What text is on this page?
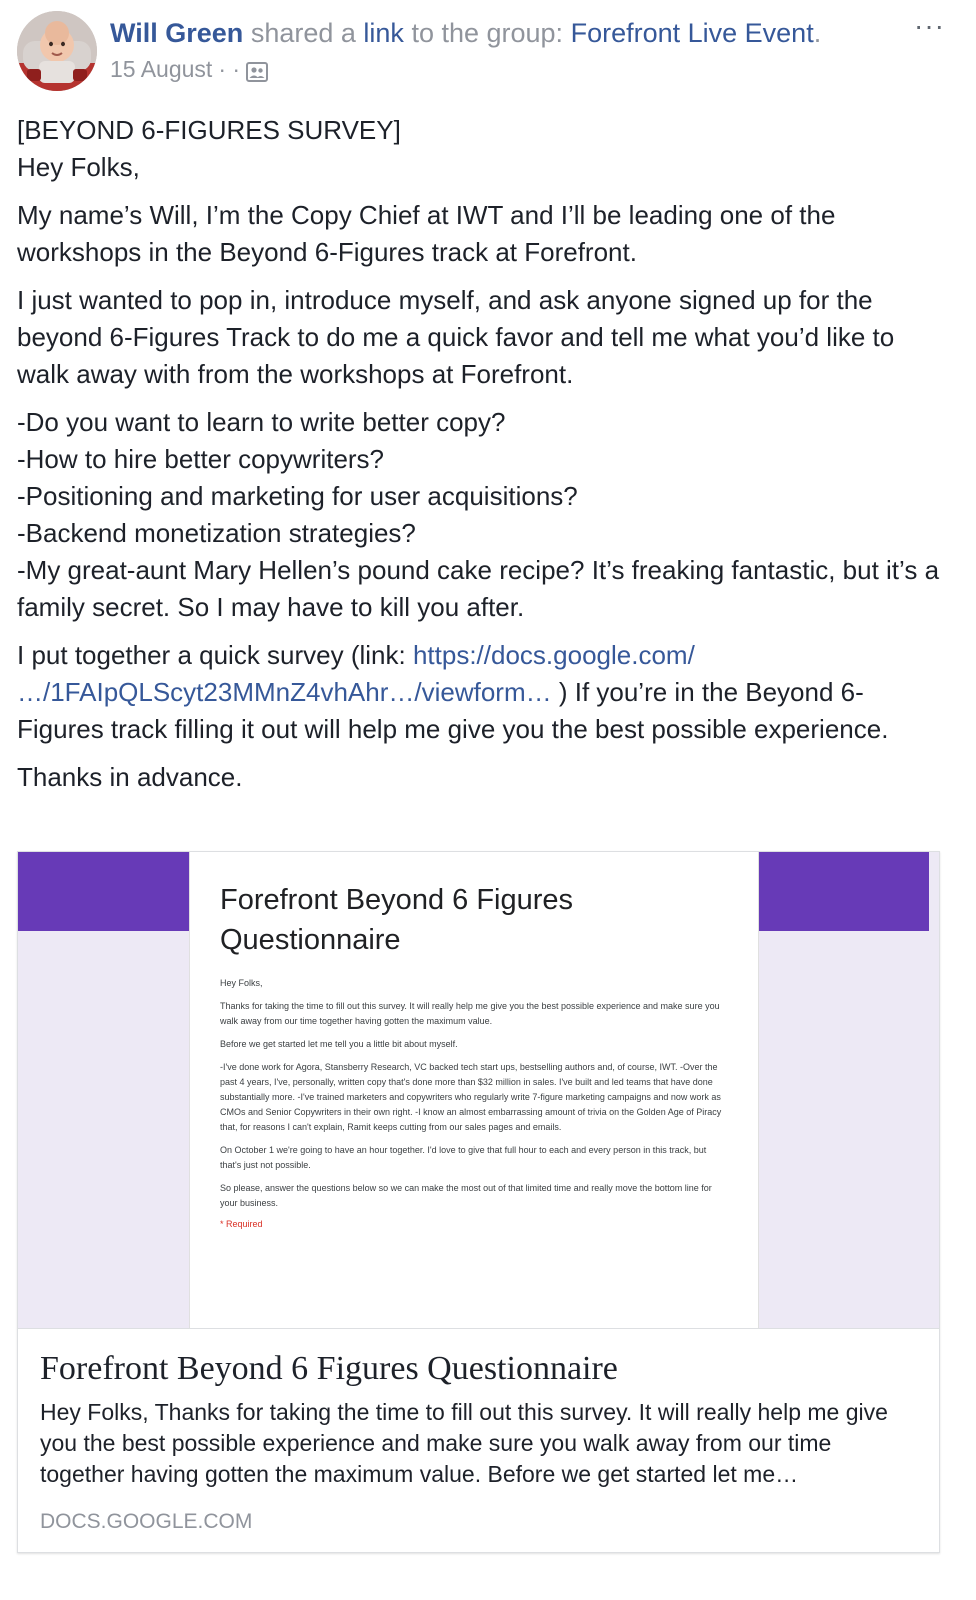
Will Green shared a link to the group: Forefront Live Event.
15 August · ·
···

[BEYOND 6-FIGURES SURVEY]
Hey Folks,

My name’s Will, I’m the Copy Chief at IWT and I’ll be leading one of the workshops in the Beyond 6-Figures track at Forefront.

I just wanted to pop in, introduce myself, and ask anyone signed up for the beyond 6-Figures Track to do me a quick favor and tell me what you’d like to walk away with from the workshops at Forefront.

-Do you want to learn to write better copy?
-How to hire better copywriters?
-Positioning and marketing for user acquisitions?
-Backend monetization strategies?
-My great-aunt Mary Hellen’s pound cake recipe? It’s freaking fantastic, but it’s a family secret. So I may have to kill you after.

I put together a quick survey (link: https://docs.google.com/ …/1FAIpQLScyt23MMnZ4vhAhr…/viewform… ) If you’re in the Beyond 6-Figures track filling it out will help me give you the best possible experience.

Thanks in advance.

Forefront Beyond 6 Figures Questionnaire

Hey Folks,

Thanks for taking the time to fill out this survey. It will really help me give you the best possible experience and make sure you walk away from our time together having gotten the maximum value.

Before we get started let me tell you a little bit about myself.

-I've done work for Agora, Stansberry Research, VC backed tech start ups, bestselling authors and, of course, IWT. -Over the past 4 years, I've, personally, written copy that's done more than $32 million in sales. I've built and led teams that have done substantially more. -I've trained marketers and copywriters who regularly write 7-figure marketing campaigns and now work as CMOs and Senior Copywriters in their own right. -I know an almost embarrassing amount of trivia on the Golden Age of Piracy that, for reasons I can't explain, Ramit keeps cutting from our sales pages and emails.

On October 1 we're going to have an hour together. I'd love to give that full hour to each and every person in this track, but that's just not possible.

So please, answer the questions below so we can make the most out of that limited time and really move the bottom line for your business.

* Required
Forefront Beyond 6 Figures Questionnaire
Hey Folks, Thanks for taking the time to fill out this survey. It will really help me give you the best possible experience and make sure you walk away from our time together having gotten the maximum value. Before we get started let me…
DOCS.GOOGLE.COM
